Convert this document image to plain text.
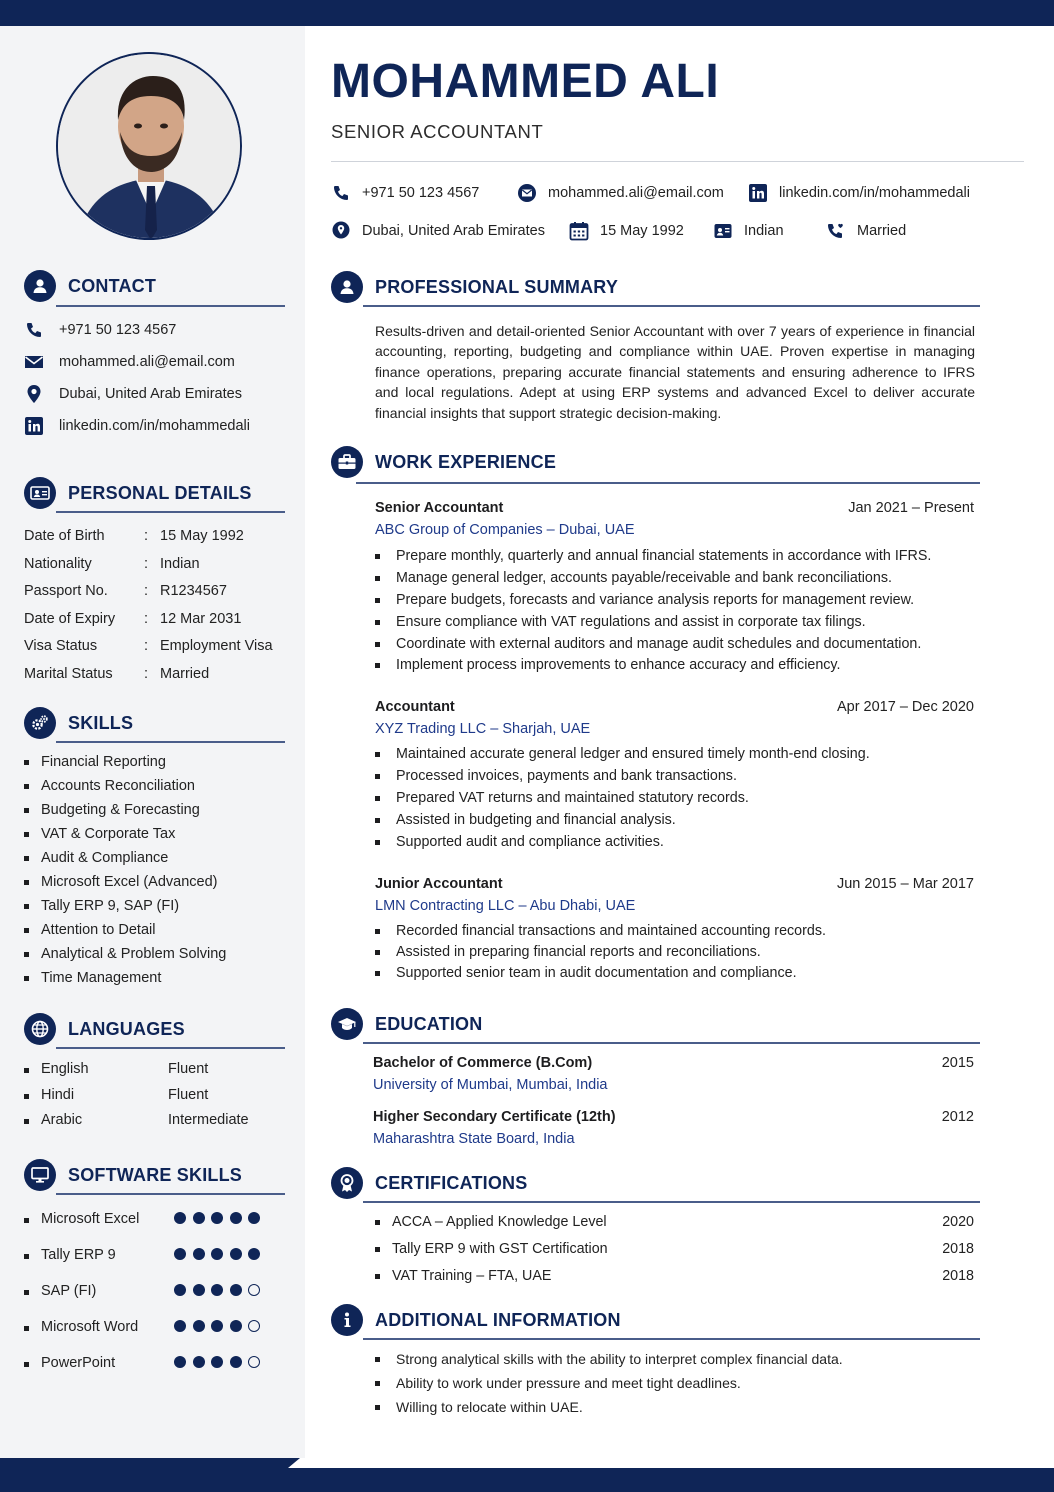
CONTACT
+971 50 123 4567
mohammed.ali@email.com
Dubai, United Arab Emirates
linkedin.com/in/mohammedali
PERSONAL DETAILS
Date of Birth	: 15 May 1992
Nationality	: Indian
Passport No. : R1234567
Date of Expiry : 12 Mar 2031
Visa Status	: Employment Visa
Marital Status : Married
SKILLS
Financial Reporting
Accounts Reconciliation
Budgeting & Forecasting
VAT & Corporate Tax
Audit & Compliance
Microsoft Excel (Advanced)
Tally ERP 9, SAP (FI)
Attention to Detail
Analytical & Problem Solving
Time Management
LANGUAGES
English	Fluent
Hindi	Fluent
Arabic	Intermediate
SOFTWARE SKILLS
Microsoft Excel
Tally ERP 9
SAP (FI)
Microsoft Word
PowerPoint
MOHAMMED ALI
SENIOR ACCOUNTANT
+971 50 123 4567	mohammed.ali@email.com	linkedin.com/in/mohammedali
Dubai, United Arab Emirates	15 May 1992	Indian	Married
PROFESSIONAL SUMMARY
Results-driven and detail-oriented Senior Accountant with over 7 years of experience in financial accounting, reporting, budgeting and compliance within UAE. Proven expertise in managing finance operations, preparing accurate financial statements and ensuring adherence to IFRS and local regulations. Adept at using ERP systems and advanced Excel to deliver accurate financial insights that support strategic decision-making.
WORK EXPERIENCE
Senior Accountant	Jan 2021 – Present
ABC Group of Companies – Dubai, UAE
Prepare monthly, quarterly and annual financial statements in accordance with IFRS.
Manage general ledger, accounts payable/receivable and bank reconciliations.
Prepare budgets, forecasts and variance analysis reports for management review.
Ensure compliance with VAT regulations and assist in corporate tax filings.
Coordinate with external auditors and manage audit schedules and documentation.
Implement process improvements to enhance accuracy and efficiency.
Accountant	Apr 2017 – Dec 2020
XYZ Trading LLC – Sharjah, UAE
Maintained accurate general ledger and ensured timely month-end closing.
Processed invoices, payments and bank transactions.
Prepared VAT returns and maintained statutory records.
Assisted in budgeting and financial analysis.
Supported audit and compliance activities.
Junior Accountant	Jun 2015 – Mar 2017
LMN Contracting LLC – Abu Dhabi, UAE
Recorded financial transactions and maintained accounting records.
Assisted in preparing financial reports and reconciliations.
Supported senior team in audit documentation and compliance.
EDUCATION
Bachelor of Commerce (B.Com)	2015
University of Mumbai, Mumbai, India
Higher Secondary Certificate (12th)	2012
Maharashtra State Board, India
CERTIFICATIONS
ACCA – Applied Knowledge Level	2020
Tally ERP 9 with GST Certification	2018
VAT Training – FTA, UAE	2018
ADDITIONAL INFORMATION
Strong analytical skills with the ability to interpret complex financial data.
Ability to work under pressure and meet tight deadlines.
Willing to relocate within UAE.
